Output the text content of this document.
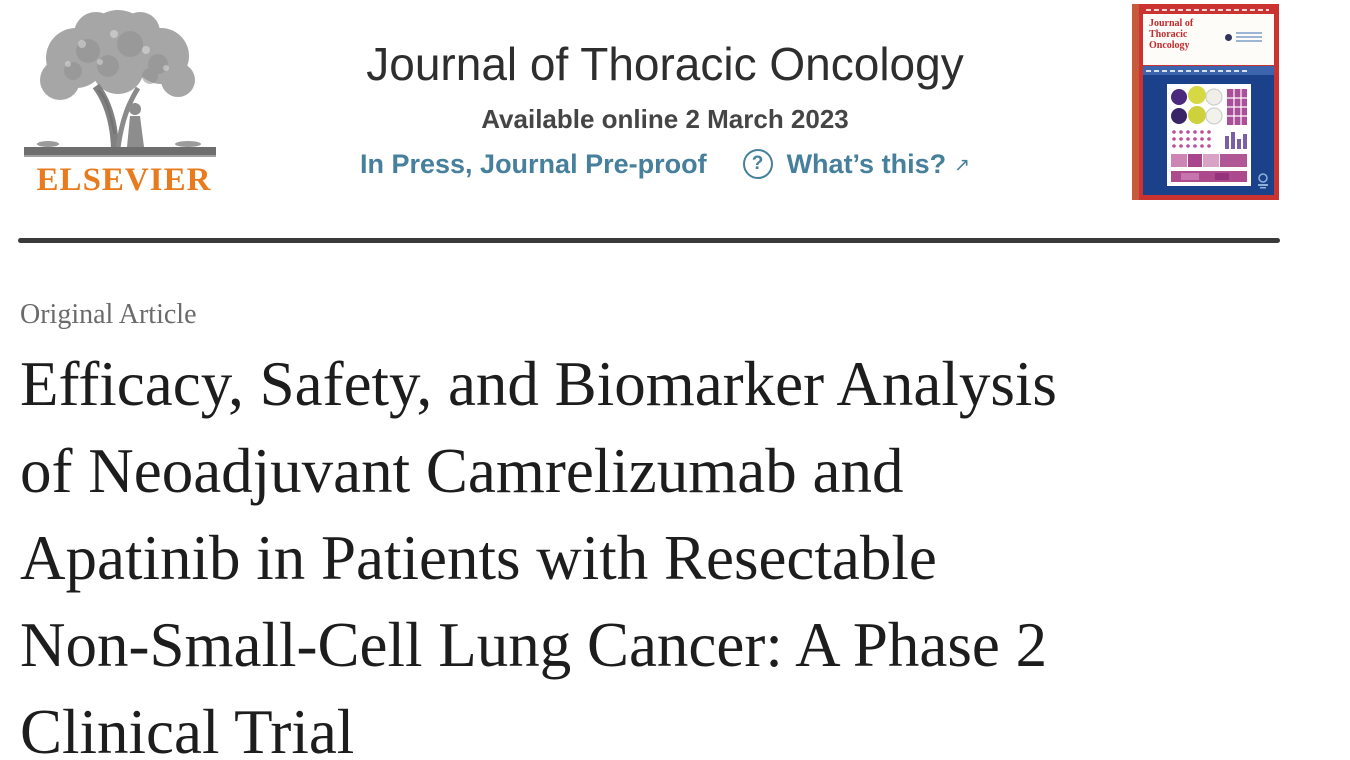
ELSEVIER
Journal of Thoracic Oncology
Available online 2 March 2023
In Press, Journal Pre-proof	? What’s this? ↗
Journal of
Thoracic
Oncology
Original Article
Efficacy, Safety, and Biomarker Analysis
of Neoadjuvant Camrelizumab and
Apatinib in Patients with Resectable
Non-Small-Cell Lung Cancer: A Phase 2
Clinical Trial
